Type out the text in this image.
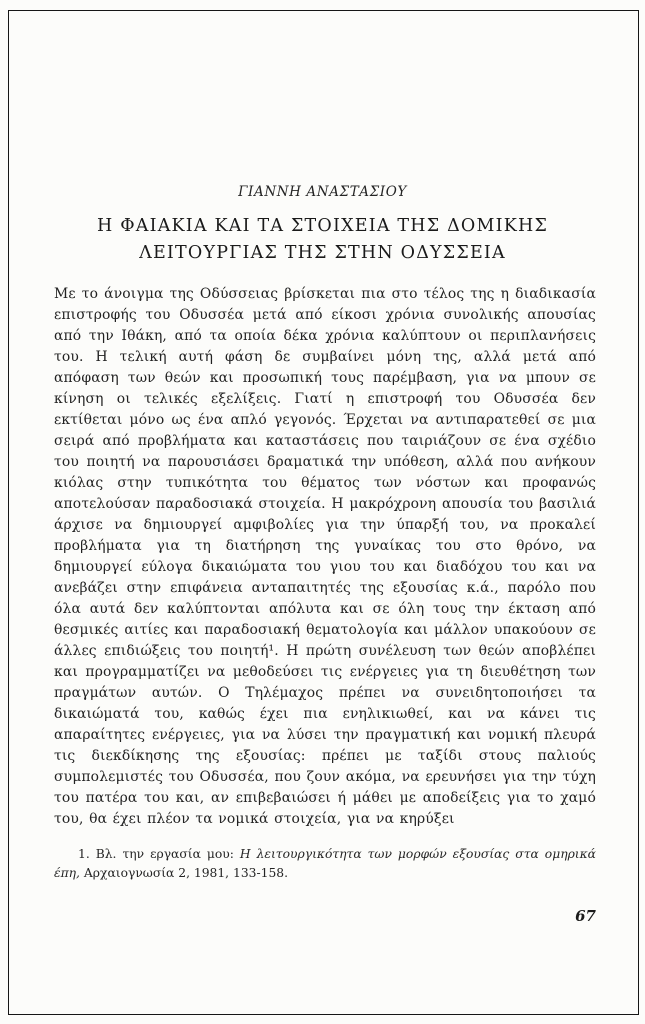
ΓΙΑΝΝΗ ΑΝΑΣΤΑΣΙΟΥ
Η ΦΑΙΑΚΙΑ ΚΑΙ ΤΑ ΣΤΟΙΧΕΙΑ ΤΗΣ ΔΟΜΙΚΗΣ
ΛΕΙΤΟΥΡΓΙΑΣ ΤΗΣ ΣΤΗΝ ΟΔΥΣΣΕΙΑ

Με το άνοιγμα της Οδύσσειας βρίσκεται πια στο τέλος της η διαδικασία επιστροφής του Οδυσσέα μετά από είκοσι χρόνια συνολικής απουσίας από την Ιθάκη, από τα οποία δέκα χρόνια καλύπτουν οι περιπλανήσεις του. Η τελική αυτή φάση δε συμβαίνει μόνη της, αλλά μετά από απόφαση των θεών και προσωπική τους παρέμβαση, για να μπουν σε κίνηση οι τελικές εξελίξεις. Γιατί η επιστροφή του Οδυσσέα δεν εκτίθεται μόνο ως ένα απλό γεγονός. Έρχεται να αντιπαρατεθεί σε μια σειρά από προβλήματα και καταστάσεις που ταιριάζουν σε ένα σχέδιο του ποιητή να παρουσιάσει δραματικά την υπόθεση, αλλά που ανήκουν κιόλας στην τυπικότητα του θέματος των νόστων και προφανώς αποτελούσαν παραδοσιακά στοιχεία. Η μακρόχρονη απουσία του βασιλιά άρχισε να δημιουργεί αμφιβολίες για την ύπαρξή του, να προκαλεί προβλήματα για τη διατήρηση της γυναίκας του στο θρόνο, να δημιουργεί εύλογα δικαιώματα του γιου του και διαδόχου του και να ανεβάζει στην επιφάνεια ανταπαιτητές της εξουσίας κ.ά., παρόλο που όλα αυτά δεν καλύπτονται απόλυτα και σε όλη τους την έκταση από θεσμικές αιτίες και παραδοσιακή θεματολογία και μάλλον υπακούουν σε άλλες επιδιώξεις του ποιητή¹. Η πρώτη συνέλευση των θεών αποβλέπει και προγραμματίζει να μεθοδεύσει τις ενέργειες για τη διευθέτηση των πραγμάτων αυτών. Ο Τηλέμαχος πρέπει να συνειδητοποιήσει τα δικαιώματά του, καθώς έχει πια ενηλικιωθεί, και να κάνει τις απαραίτητες ενέργειες, για να λύσει την πραγματική και νομική πλευρά τις διεκδίκησης της εξουσίας: πρέπει με ταξίδι στους παλιούς συμπολεμιστές του Οδυσσέα, που ζουν ακόμα, να ερευνήσει για την τύχη του πατέρα του και, αν επιβεβαιώσει ή μάθει με αποδείξεις για το χαμό του, θα έχει πλέον τα νομικά στοιχεία, για να κηρύξει

1. Βλ. την εργασία μου: Η λειτουργικότητα των μορφών εξουσίας στα ομηρικά έπη, Αρχαιογνωσία 2, 1981, 133-158.

67
